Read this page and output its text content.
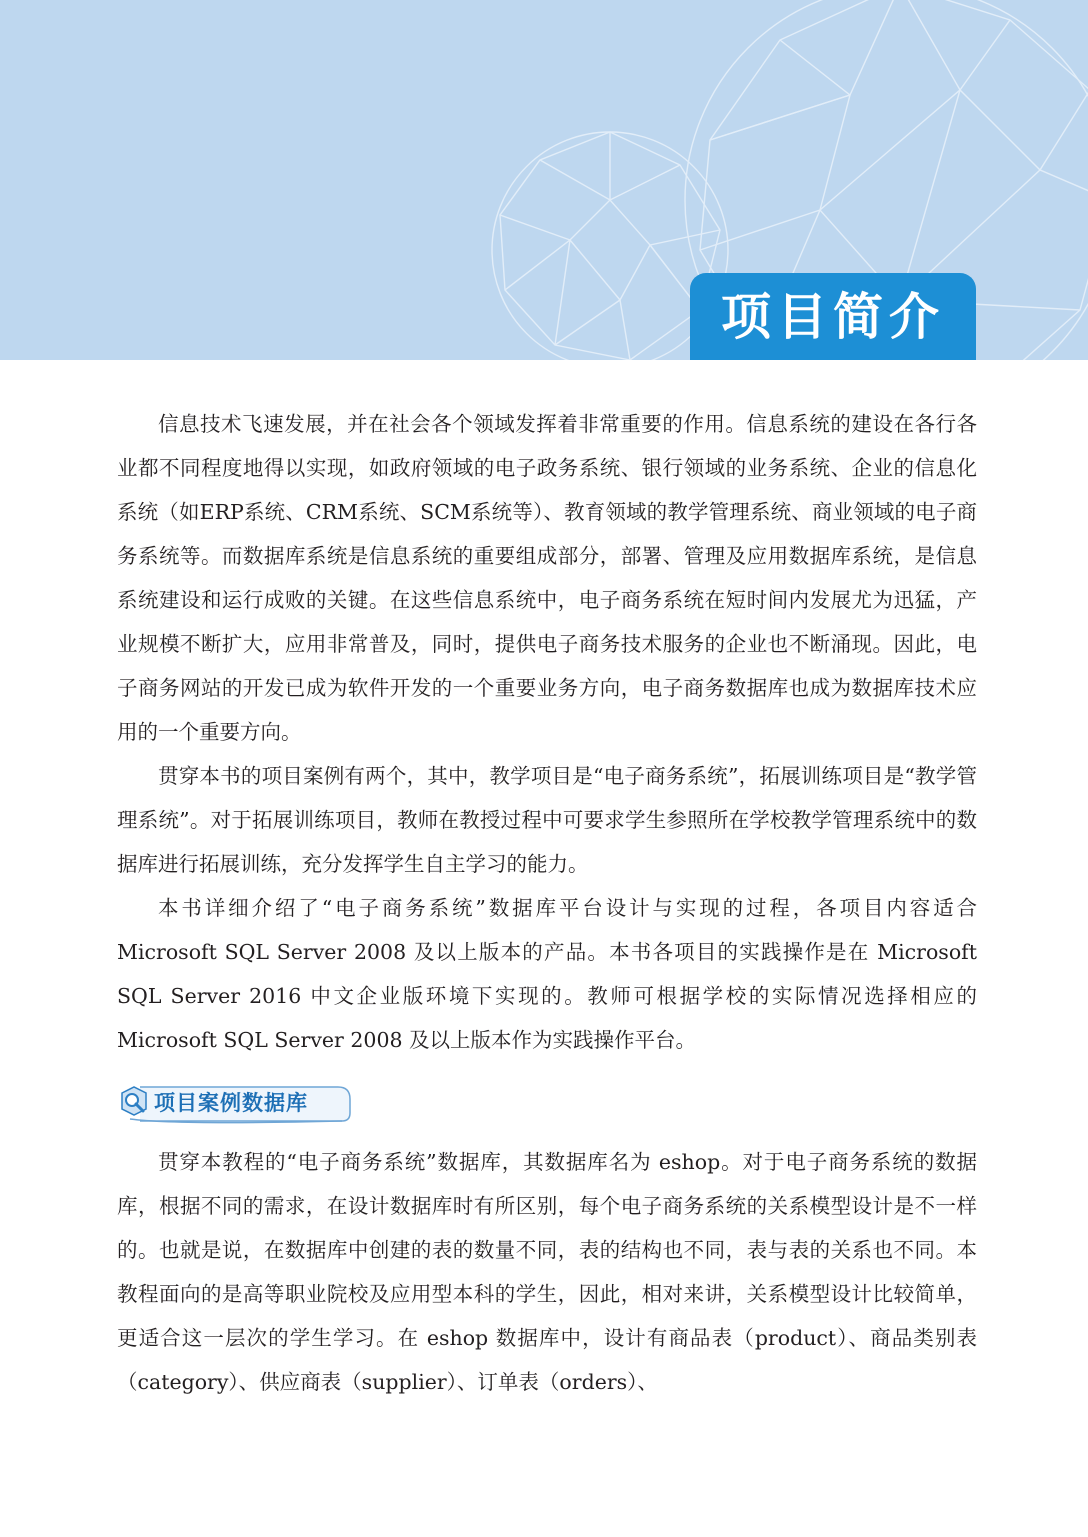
项目简介

信息技术飞速发展，并在社会各个领域发挥着非常重要的作用。信息系统的建设在各行各业都不同程度地得以实现，如政府领域的电子政务系统、银行领域的业务系统、企业的信息化系统（如ERP系统、CRM系统、SCM系统等）、教育领域的教学管理系统、商业领域的电子商务系统等。而数据库系统是信息系统的重要组成部分，部署、管理及应用数据库系统，是信息系统建设和运行成败的关键。在这些信息系统中，电子商务系统在短时间内发展尤为迅猛，产业规模不断扩大，应用非常普及，同时，提供电子商务技术服务的企业也不断涌现。因此，电子商务网站的开发已成为软件开发的一个重要业务方向，电子商务数据库也成为数据库技术应用的一个重要方向。

贯穿本书的项目案例有两个，其中，教学项目是“电子商务系统”，拓展训练项目是“教学管理系统”。对于拓展训练项目，教师在教授过程中可要求学生参照所在学校教学管理系统中的数据库进行拓展训练，充分发挥学生自主学习的能力。

本书详细介绍了“电子商务系统”数据库平台设计与实现的过程，各项目内容适合 Microsoft SQL Server 2008 及以上版本的产品。本书各项目的实践操作是在 Microsoft SQL Server 2016 中文企业版环境下实现的。教师可根据学校的实际情况选择相应的 Microsoft SQL Server 2008 及以上版本作为实践操作平台。

项目案例数据库

贯穿本教程的“电子商务系统”数据库，其数据库名为 eshop。对于电子商务系统的数据库，根据不同的需求，在设计数据库时有所区别，每个电子商务系统的关系模型设计是不一样的。也就是说，在数据库中创建的表的数量不同，表的结构也不同，表与表的关系也不同。本教程面向的是高等职业院校及应用型本科的学生，因此，相对来讲，关系模型设计比较简单，更适合这一层次的学生学习。在 eshop 数据库中，设计有商品表（product）、商品类别表（category）、供应商表（supplier）、订单表（orders）、
